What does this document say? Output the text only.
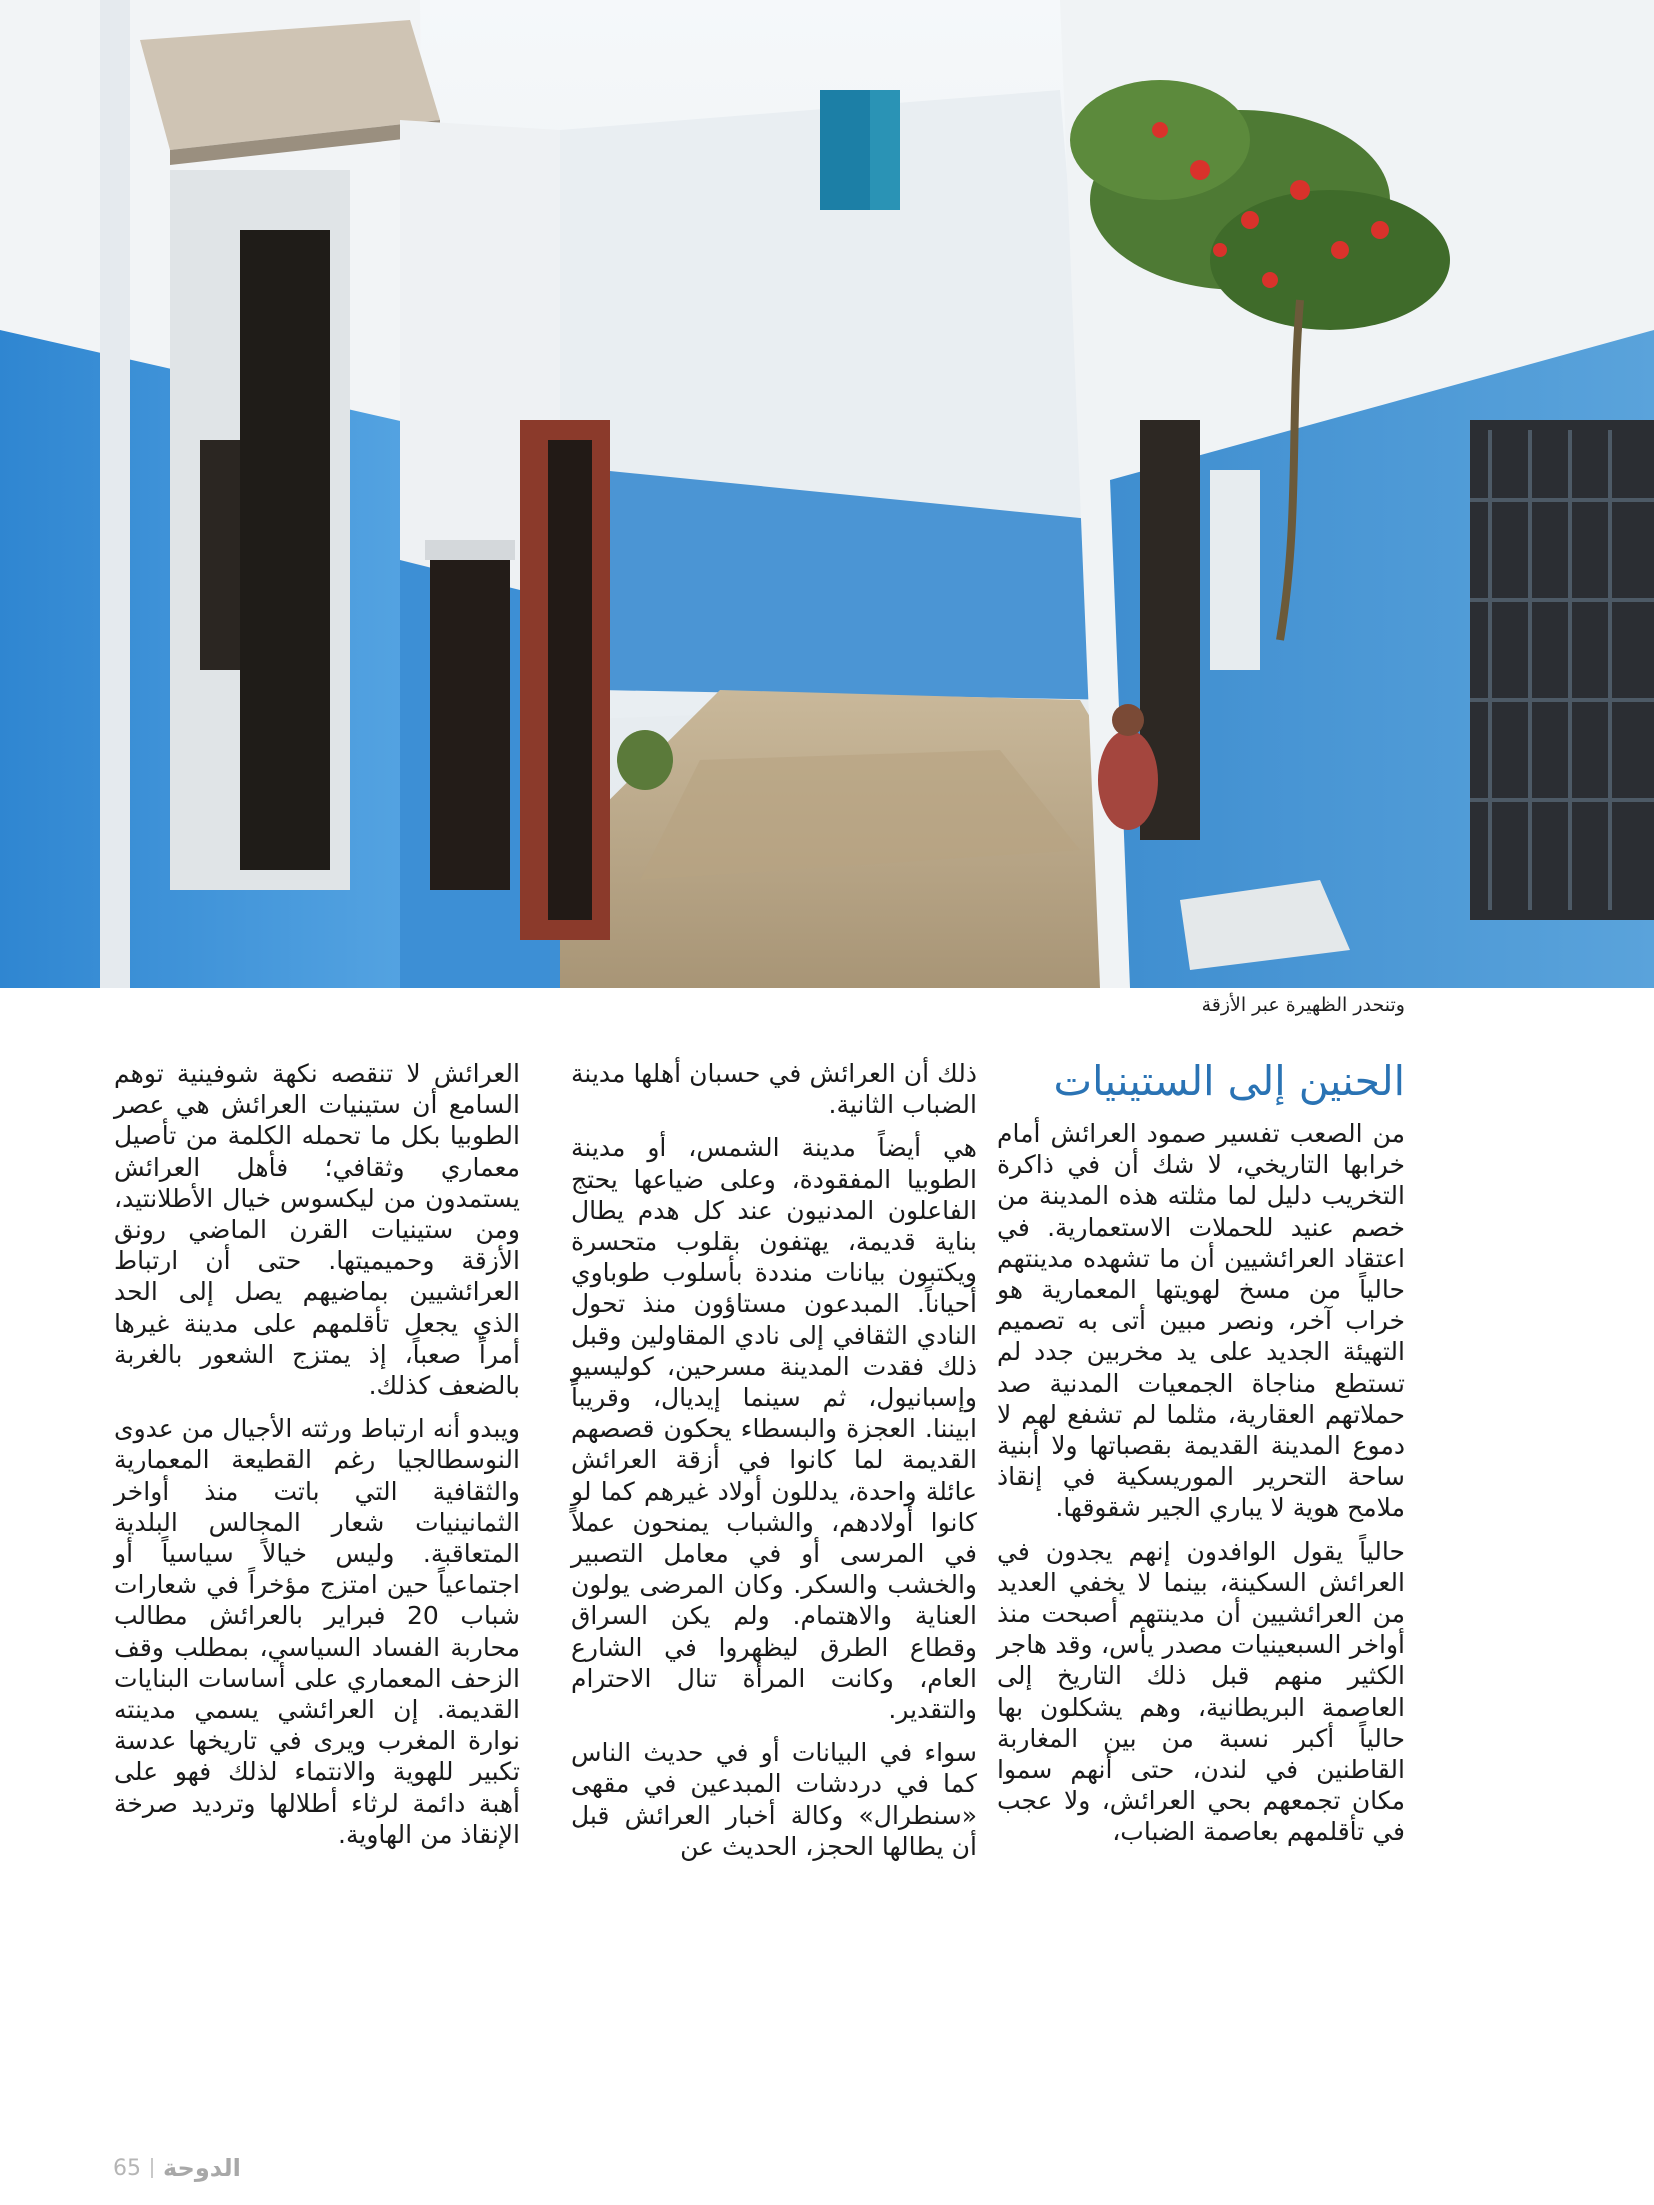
وتنحدر الظهيرة عبر الأزقة
الحنين إلى الستينيات

من الصعب تفسير صمود العرائش أمام خرابها التاريخي، لا شك أن في ذاكرة التخريب دليل لما مثلته هذه المدينة من خصم عنيد للحملات الاستعمارية. في اعتقاد العرائشيين أن ما تشهده مدينتهم حالياً من مسخ لهويتها المعمارية هو خراب آخر، ونصر مبين أتى به تصميم التهيئة الجديد على يد مخربين جدد لم تستطع مناجاة الجمعيات المدنية صد حملاتهم العقارية، مثلما لم تشفع لهم لا دموع المدينة القديمة بقصباتها ولا أبنية ساحة التحرير الموريسكية في إنقاذ ملامح هوية لا يباري الجير شقوقها.

حالياً يقول الوافدون إنهم يجدون في العرائش السكينة، بينما لا يخفي العديد من العرائشيين أن مدينتهم أصبحت منذ أواخر السبعينيات مصدر يأس، وقد هاجر الكثير منهم قبل ذلك التاريخ إلى العاصمة البريطانية، وهم يشكلون بها حالياً أكبر نسبة من بين المغاربة القاطنين في لندن، حتى أنهم سموا مكان تجمعهم بحي العرائش، ولا عجب في تأقلمهم بعاصمة الضباب،

ذلك أن العرائش في حسبان أهلها مدينة الضباب الثانية.

هي أيضاً مدينة الشمس، أو مدينة الطوبيا المفقودة، وعلى ضياعها يحتج الفاعلون المدنيون عند كل هدم يطال بناية قديمة، يهتفون بقلوب متحسرة ويكتبون بيانات منددة بأسلوب طوباوي أحياناً. المبدعون مستاؤون منذ تحول النادي الثقافي إلى نادي المقاولين وقبل ذلك فقدت المدينة مسرحين، كوليسيو وإسبانيول، ثم سينما إيديال، وقريباً ابيننا. العجزة والبسطاء يحكون قصصهم القديمة لما كانوا في أزقة العرائش عائلة واحدة، يدللون أولاد غيرهم كما لو كانوا أولادهم، والشباب يمنحون عملاً في المرسى أو في معامل التصبير والخشب والسكر. وكان المرضى يولون العناية والاهتمام. ولم يكن السراق وقطاع الطرق ليظهروا في الشارع العام، وكانت المرأة تنال الاحترام والتقدير.

سواء في البيانات أو في حديث الناس كما في دردشات المبدعين في مقهى «سنطرال» وكالة أخبار العرائش قبل أن يطالها الحجز، الحديث عن

العرائش لا تنقصه نكهة شوفينية توهم السامع أن ستينيات العرائش هي عصر الطوبيا بكل ما تحمله الكلمة من تأصيل معماري وثقافي؛ فأهل العرائش يستمدون من ليكسوس خيال الأطلانتيد، ومن ستينيات القرن الماضي رونق الأزقة وحميميتها. حتى أن ارتباط العرائشيين بماضيهم يصل إلى الحد الذي يجعل تأقلمهم على مدينة غيرها أمراً صعباً، إذ يمتزج الشعور بالغربة بالضعف كذلك.

ويبدو أنه ارتباط ورثته الأجيال من عدوى النوسطالجيا رغم القطيعة المعمارية والثقافية التي باتت منذ أواخر الثمانينيات شعار المجالس البلدية المتعاقبة. وليس خيالاً سياسياً أو اجتماعياً حين امتزج مؤخراً في شعارات شباب 20 فبراير بالعرائش مطالب محاربة الفساد السياسي، بمطلب وقف الزحف المعماري على أساسات البنايات القديمة. إن العرائشي يسمي مدينته نوارة المغرب ويرى في تاريخها عدسة تكبير للهوية والانتماء لذلك فهو على أهبة دائمة لرثاء أطلالها وترديد صرخة الإنقاذ من الهاوية.

65 الدوحة
